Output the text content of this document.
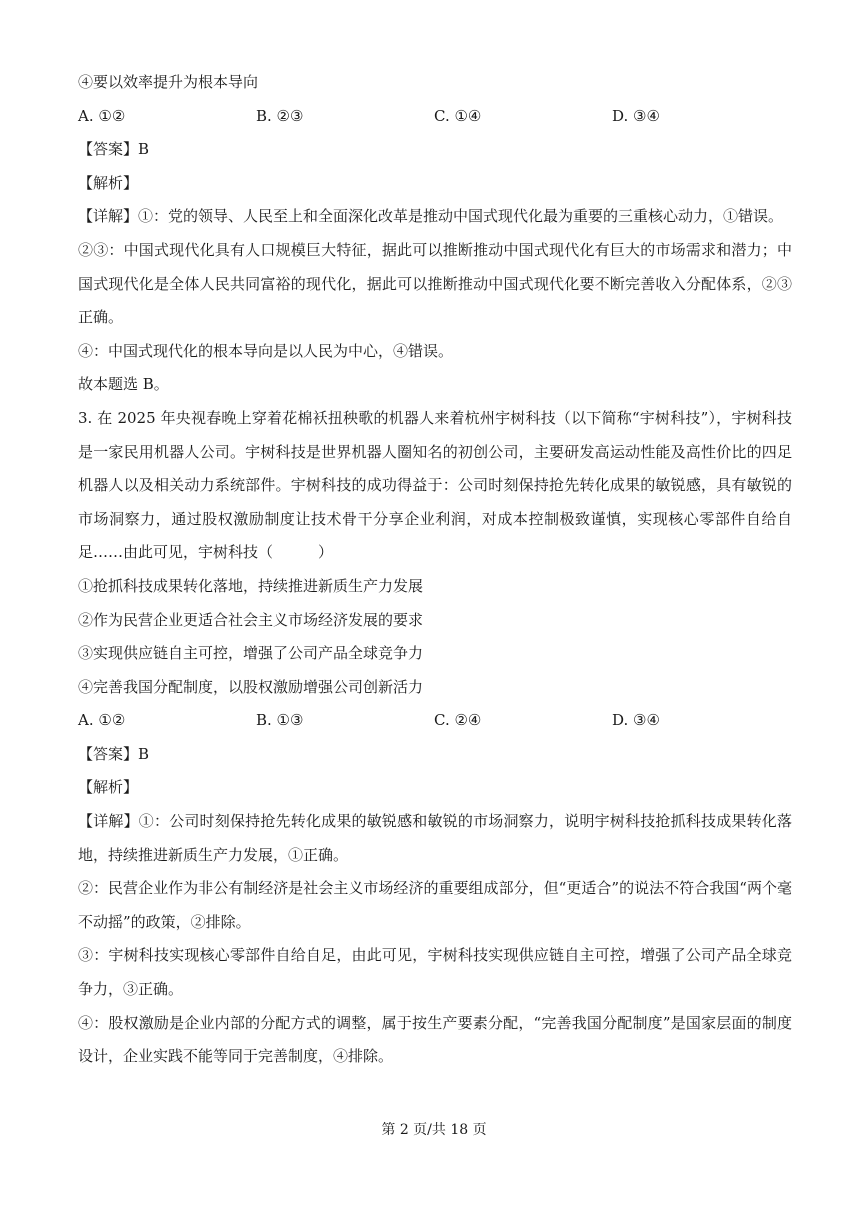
④要以效率提升为根本导向
A. ①②	B. ②③	C. ①④	D. ③④
【答案】B
【解析】
【详解】①：党的领导、人民至上和全面深化改革是推动中国式现代化最为重要的三重核心动力，①错误。
②③：中国式现代化具有人口规模巨大特征，据此可以推断推动中国式现代化有巨大的市场需求和潜力；中国式现代化是全体人民共同富裕的现代化，据此可以推断推动中国式现代化要不断完善收入分配体系，②③正确。
④：中国式现代化的根本导向是以人民为中心，④错误。
故本题选 B。
3. 在 2025 年央视春晚上穿着花棉袄扭秧歌的机器人来着杭州宇树科技（以下简称“宇树科技”），宇树科技是一家民用机器人公司。宇树科技是世界机器人圈知名的初创公司，主要研发高运动性能及高性价比的四足机器人以及相关动力系统部件。宇树科技的成功得益于：公司时刻保持抢先转化成果的敏锐感，具有敏锐的市场洞察力，通过股权激励制度让技术骨干分享企业利润，对成本控制极致谨慎，实现核心零部件自给自足……由此可见，宇树科技（　　　）
①抢抓科技成果转化落地，持续推进新质生产力发展
②作为民营企业更适合社会主义市场经济发展的要求
③实现供应链自主可控，增强了公司产品全球竞争力
④完善我国分配制度，以股权激励增强公司创新活力
A. ①②	B. ①③	C. ②④	D. ③④
【答案】B
【解析】
【详解】①：公司时刻保持抢先转化成果的敏锐感和敏锐的市场洞察力，说明宇树科技抢抓科技成果转化落地，持续推进新质生产力发展，①正确。
②：民营企业作为非公有制经济是社会主义市场经济的重要组成部分，但“更适合”的说法不符合我国“两个毫不动摇”的政策，②排除。
③：宇树科技实现核心零部件自给自足，由此可见，宇树科技实现供应链自主可控，增强了公司产品全球竞争力，③正确。
④：股权激励是企业内部的分配方式的调整，属于按生产要素分配，“完善我国分配制度”是国家层面的制度设计，企业实践不能等同于完善制度，④排除。
第 2 页/共 18 页
